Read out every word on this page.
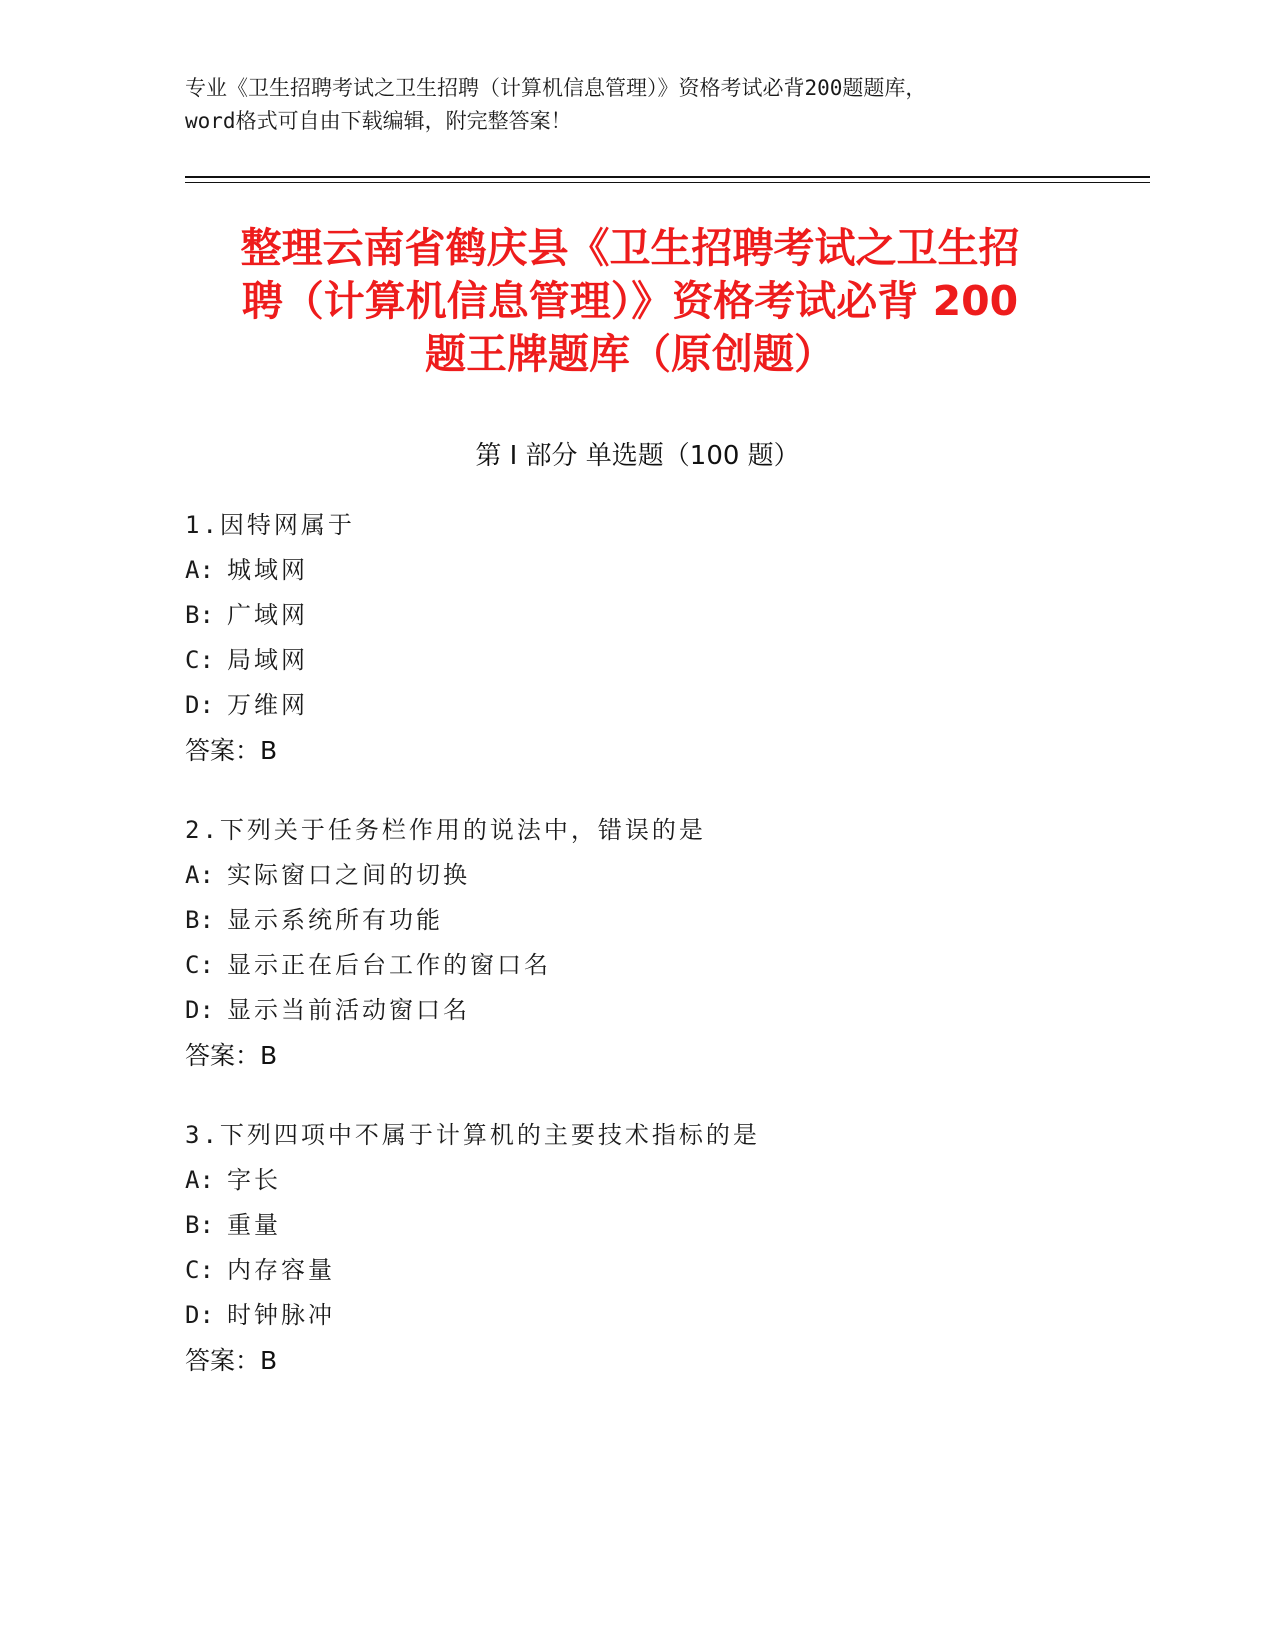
专业《卫生招聘考试之卫生招聘（计算机信息管理）》资格考试必背200题题库，
word格式可自由下载编辑，附完整答案！
整理云南省鹤庆县《卫生招聘考试之卫生招
聘（计算机信息管理）》资格考试必背 200
题王牌题库（原创题）
第 I 部分 单选题（100 题）
1.因特网属于
A: 城域网
B: 广域网
C: 局域网
D: 万维网
答案：B
2.下列关于任务栏作用的说法中，错误的是
A: 实际窗口之间的切换
B: 显示系统所有功能
C: 显示正在后台工作的窗口名
D: 显示当前活动窗口名
答案：B
3.下列四项中不属于计算机的主要技术指标的是
A: 字长
B: 重量
C: 内存容量
D: 时钟脉冲
答案：B
